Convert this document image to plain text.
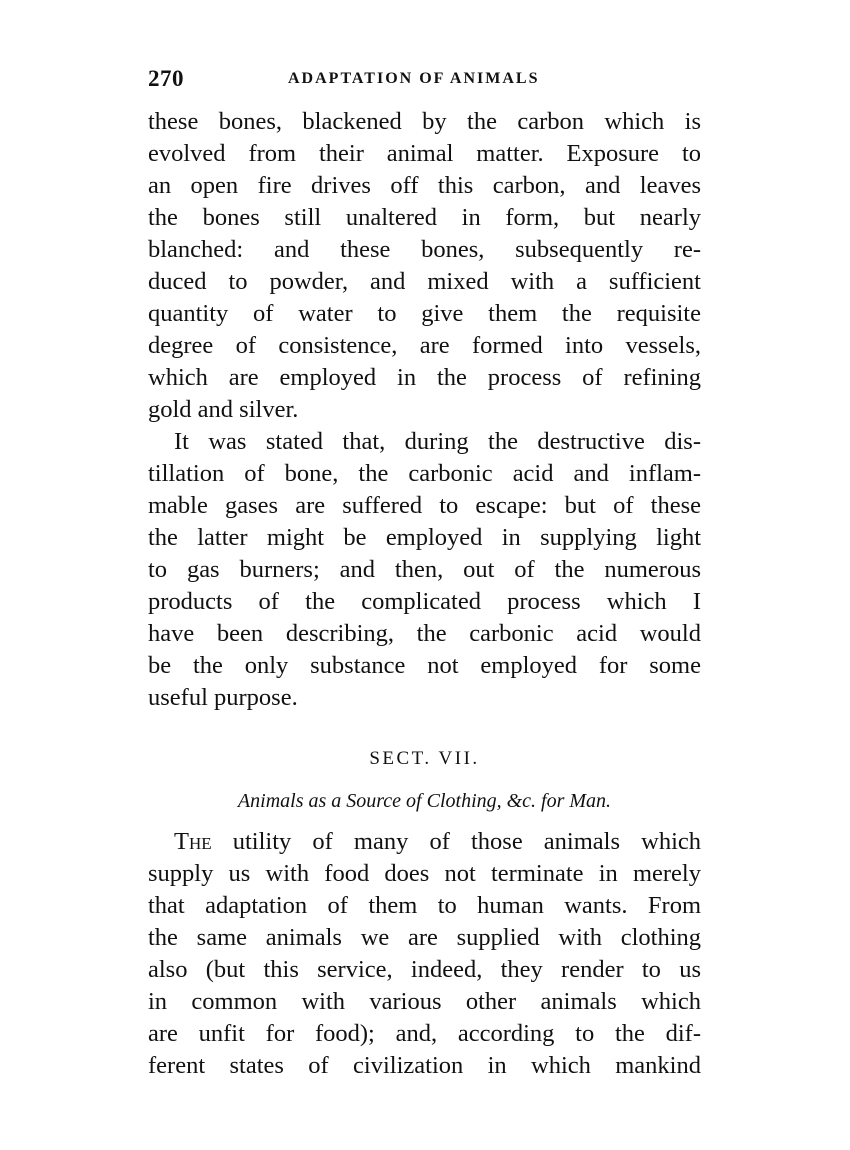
270	ADAPTATION OF ANIMALS

these bones, blackened by the carbon which is
evolved from their animal matter. Exposure to
an open fire drives off this carbon, and leaves
the bones still unaltered in form, but nearly
blanched: and these bones, subsequently re-
duced to powder, and mixed with a sufficient
quantity of water to give them the requisite
degree of consistence, are formed into vessels,
which are employed in the process of refining
gold and silver.

It was stated that, during the destructive dis-
tillation of bone, the carbonic acid and inflam-
mable gases are suffered to escape: but of these
the latter might be employed in supplying light
to gas burners; and then, out of the numerous
products of the complicated process which I
have been describing, the carbonic acid would
be the only substance not employed for some
useful purpose.

SECT. VII.
Animals as a Source of Clothing, &c. for Man.

The utility of many of those animals which
supply us with food does not terminate in merely
that adaptation of them to human wants. From
the same animals we are supplied with clothing
also (but this service, indeed, they render to us
in common with various other animals which
are unfit for food); and, according to the dif-
ferent states of civilization in which mankind
